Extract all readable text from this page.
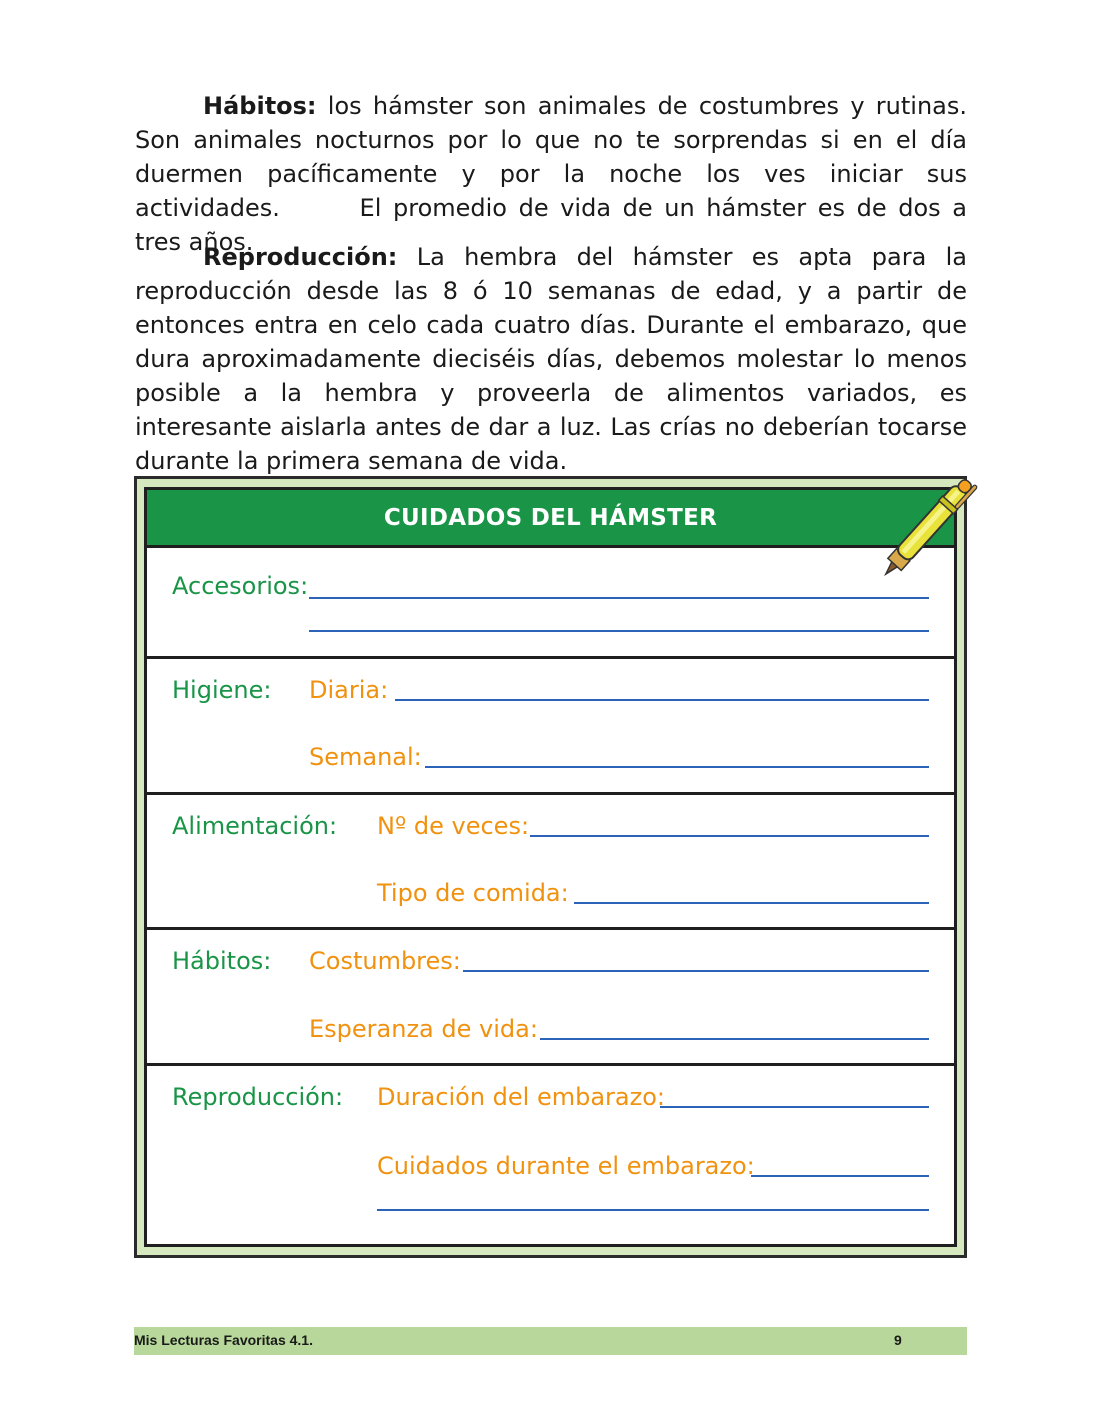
Hábitos: los hámster son animales de costumbres y rutinas. Son animales nocturnos por lo que no te sorprendas si en el día duermen pacíficamente y por la noche los ves iniciar sus actividades.	El promedio de vida de un hámster es de dos a tres años.

Reproducción: La hembra del hámster es apta para la reproducción desde las 8 ó 10 semanas de edad, y a partir de entonces entra en celo cada cuatro días. Durante el embarazo, que dura aproximadamente dieciséis días, debemos molestar lo menos posible a la hembra y proveerla de alimentos variados, es interesante aislarla antes de dar a luz. Las crías no deberían tocarse durante la primera semana de vida.

CUIDADOS DEL HÁMSTER
Accesorios:
Higiene: Diaria:
Semanal:
Alimentación: Nº de veces:
Tipo de comida:
Hábitos: Costumbres:
Esperanza de vida:
Reproducción: Duración del embarazo:
Cuidados durante el embarazo:
Mis Lecturas Favoritas 4.1.	9
